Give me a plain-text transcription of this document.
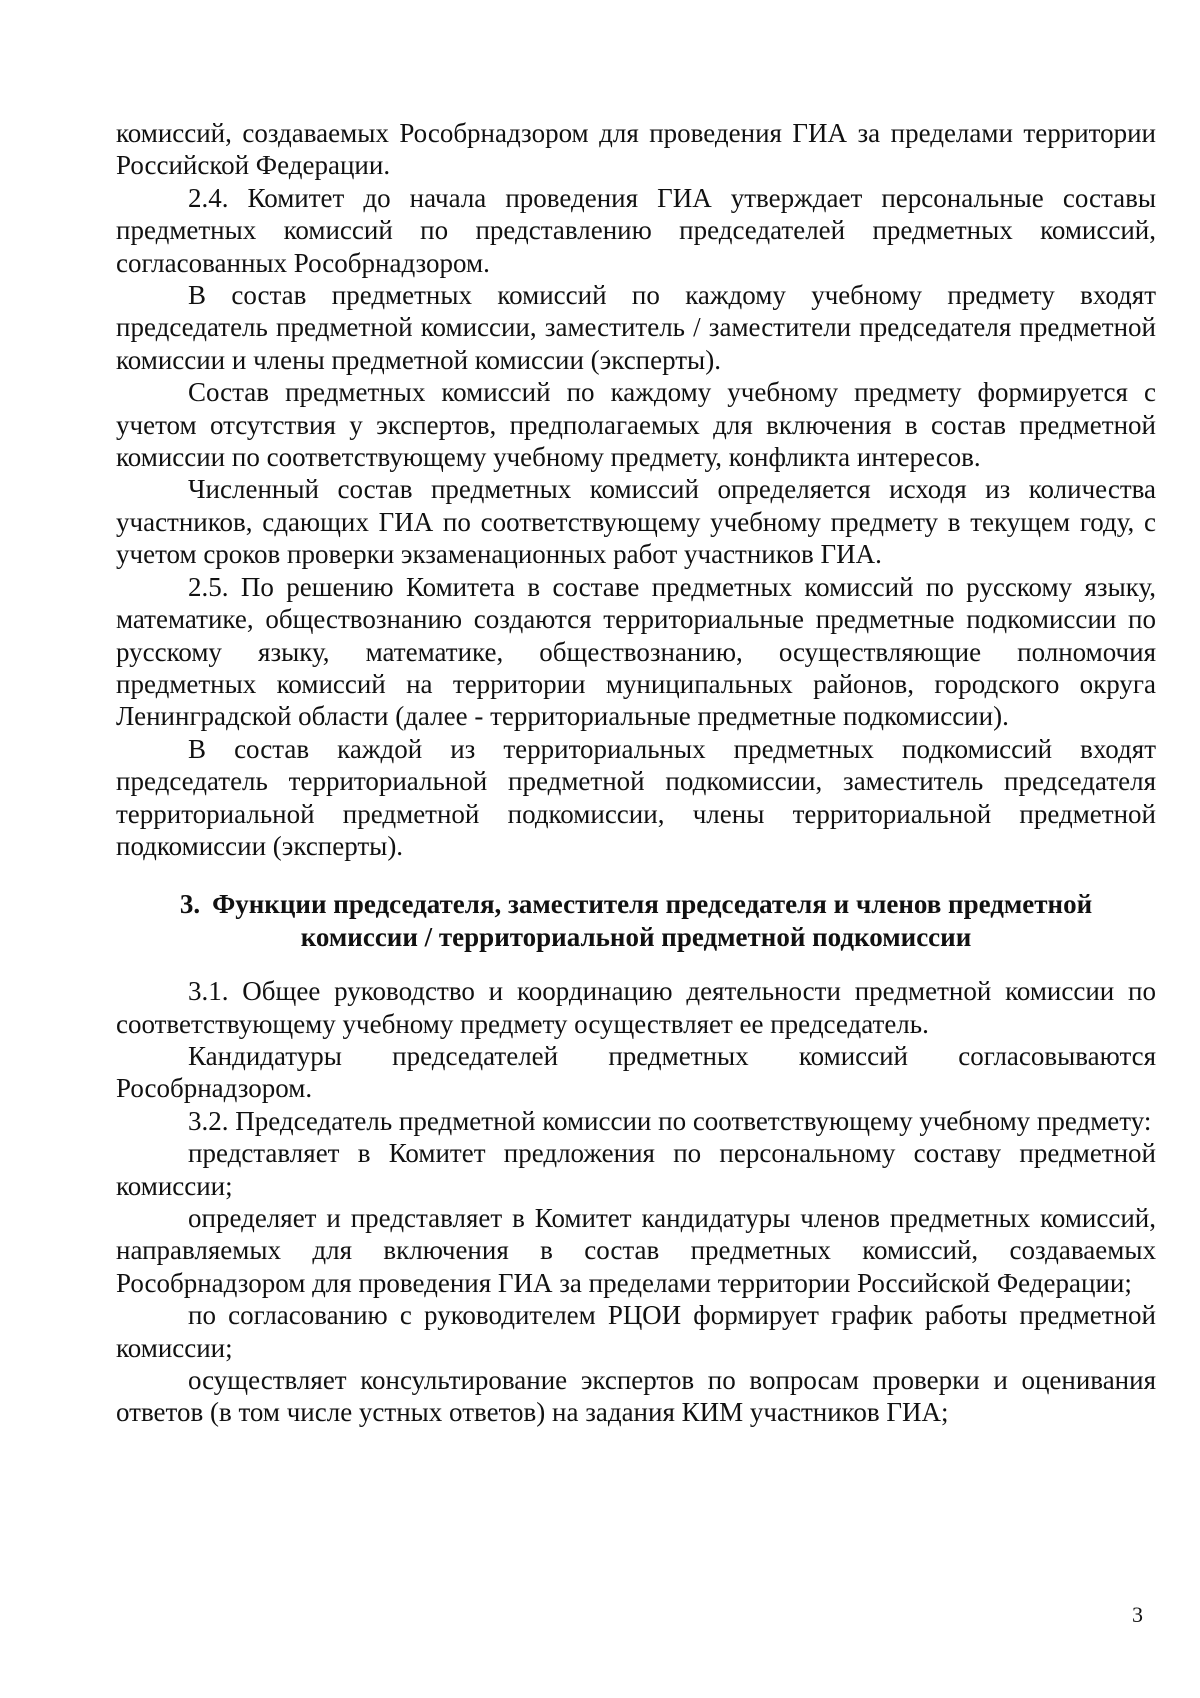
комиссий, создаваемых Рособрнадзором для проведения ГИА за пределами территории Российской Федерации.

2.4. Комитет до начала проведения ГИА утверждает персональные составы предметных комиссий по представлению председателей предметных комиссий, согласованных Рособрнадзором.

В состав предметных комиссий по каждому учебному предмету входят председатель предметной комиссии, заместитель / заместители председателя предметной комиссии и члены предметной комиссии (эксперты).

Состав предметных комиссий по каждому учебному предмету формируется с учетом отсутствия у экспертов, предполагаемых для включения в состав предметной комиссии по соответствующему учебному предмету, конфликта интересов.

Численный состав предметных комиссий определяется исходя из количества участников, сдающих ГИА по соответствующему учебному предмету в текущем году, с учетом сроков проверки экзаменационных работ участников ГИА.

2.5. По решению Комитета в составе предметных комиссий по русскому языку, математике, обществознанию создаются территориальные предметные подкомиссии по русскому языку, математике, обществознанию, осуществляющие полномочия предметных комиссий на территории муниципальных районов, городского округа Ленинградской области (далее - территориальные предметные подкомиссии).

В состав каждой из территориальных предметных подкомиссий входят председатель территориальной предметной подкомиссии, заместитель председателя территориальной предметной подкомиссии, члены территориальной предметной подкомиссии (эксперты).

3. Функции председателя, заместителя председателя и членов предметной
комиссии / территориальной предметной подкомиссии

3.1. Общее руководство и координацию деятельности предметной комиссии по соответствующему учебному предмету осуществляет ее председатель.

Кандидатуры председателей предметных комиссий согласовываются Рособрнадзором.

3.2. Председатель предметной комиссии по соответствующему учебному предмету:

представляет в Комитет предложения по персональному составу предметной комиссии;

определяет и представляет в Комитет кандидатуры членов предметных комиссий, направляемых для включения в состав предметных комиссий, создаваемых Рособрнадзором для проведения ГИА за пределами территории Российской Федерации;

по согласованию с руководителем РЦОИ формирует график работы предметной комиссии;

осуществляет консультирование экспертов по вопросам проверки и оценивания ответов (в том числе устных ответов) на задания КИМ участников ГИА;

3
